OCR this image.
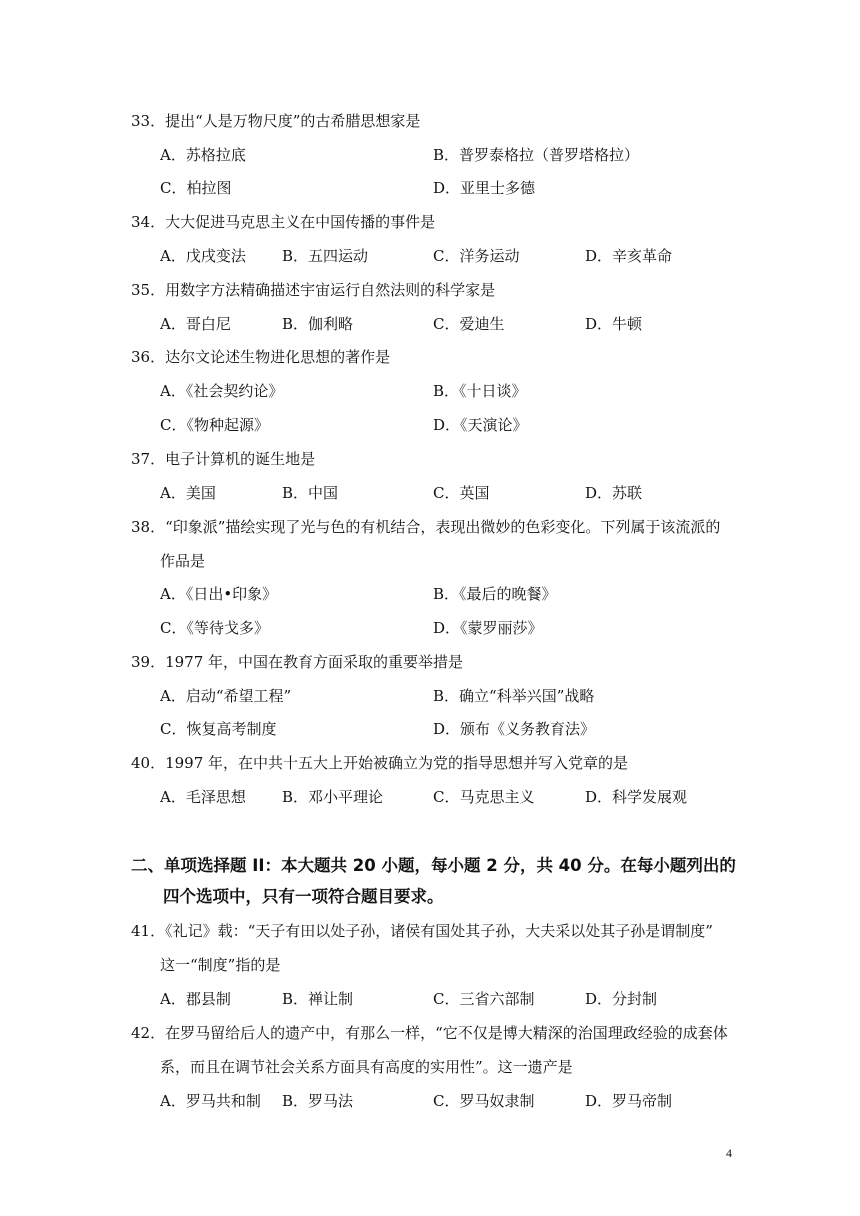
33．提出“人是万物尺度”的古希腊思想家是
A．苏格拉底	B．普罗泰格拉（普罗塔格拉）
C．柏拉图	D．亚里士多德
34．大大促进马克思主义在中国传播的事件是
A．戊戌变法 B．五四运动	C．洋务运动	D．辛亥革命
35．用数字方法精确描述宇宙运行自然法则的科学家是
A．哥白尼	B．伽利略	C．爱迪生	D．牛顿
36．达尔文论述生物进化思想的著作是
A．《社会契约论》	B．《十日谈》
C．《物种起源》	D．《天演论》
37．电子计算机的诞生地是
A．美国	B．中国	C．英国	D．苏联
38．“印象派”描绘实现了光与色的有机结合，表现出微妙的色彩变化。下列属于该流派的
作品是
A．《日出•印象》	B．《最后的晚餐》
C．《等待戈多》	D．《蒙罗丽莎》
39．1977 年，中国在教育方面采取的重要举措是
A．启动“希望工程”	B．确立“科举兴国”战略
C．恢复高考制度	D．颁布《义务教育法》
40．1997 年，在中共十五大上开始被确立为党的指导思想并写入党章的是
A．毛泽思想 B．邓小平理论	C．马克思主义	D．科学发展观
二、单项选择题 II：本大题共 20 小题，每小题 2 分，共 40 分。在每小题列出的
四个选项中，只有一项符合题目要求。
41．《礼记》载：“天子有田以处子孙，诸侯有国处其子孙，大夫采以处其子孙是谓制度”
这一“制度”指的是
A．郡县制	B．禅让制	C．三省六部制	D．分封制
42．在罗马留给后人的遗产中，有那么一样，“它不仅是博大精深的治国理政经验的成套体
系，而且在调节社会关系方面具有高度的实用性”。这一遗产是
A．罗马共和制 B．罗马法	C．罗马奴隶制	D．罗马帝制
4
